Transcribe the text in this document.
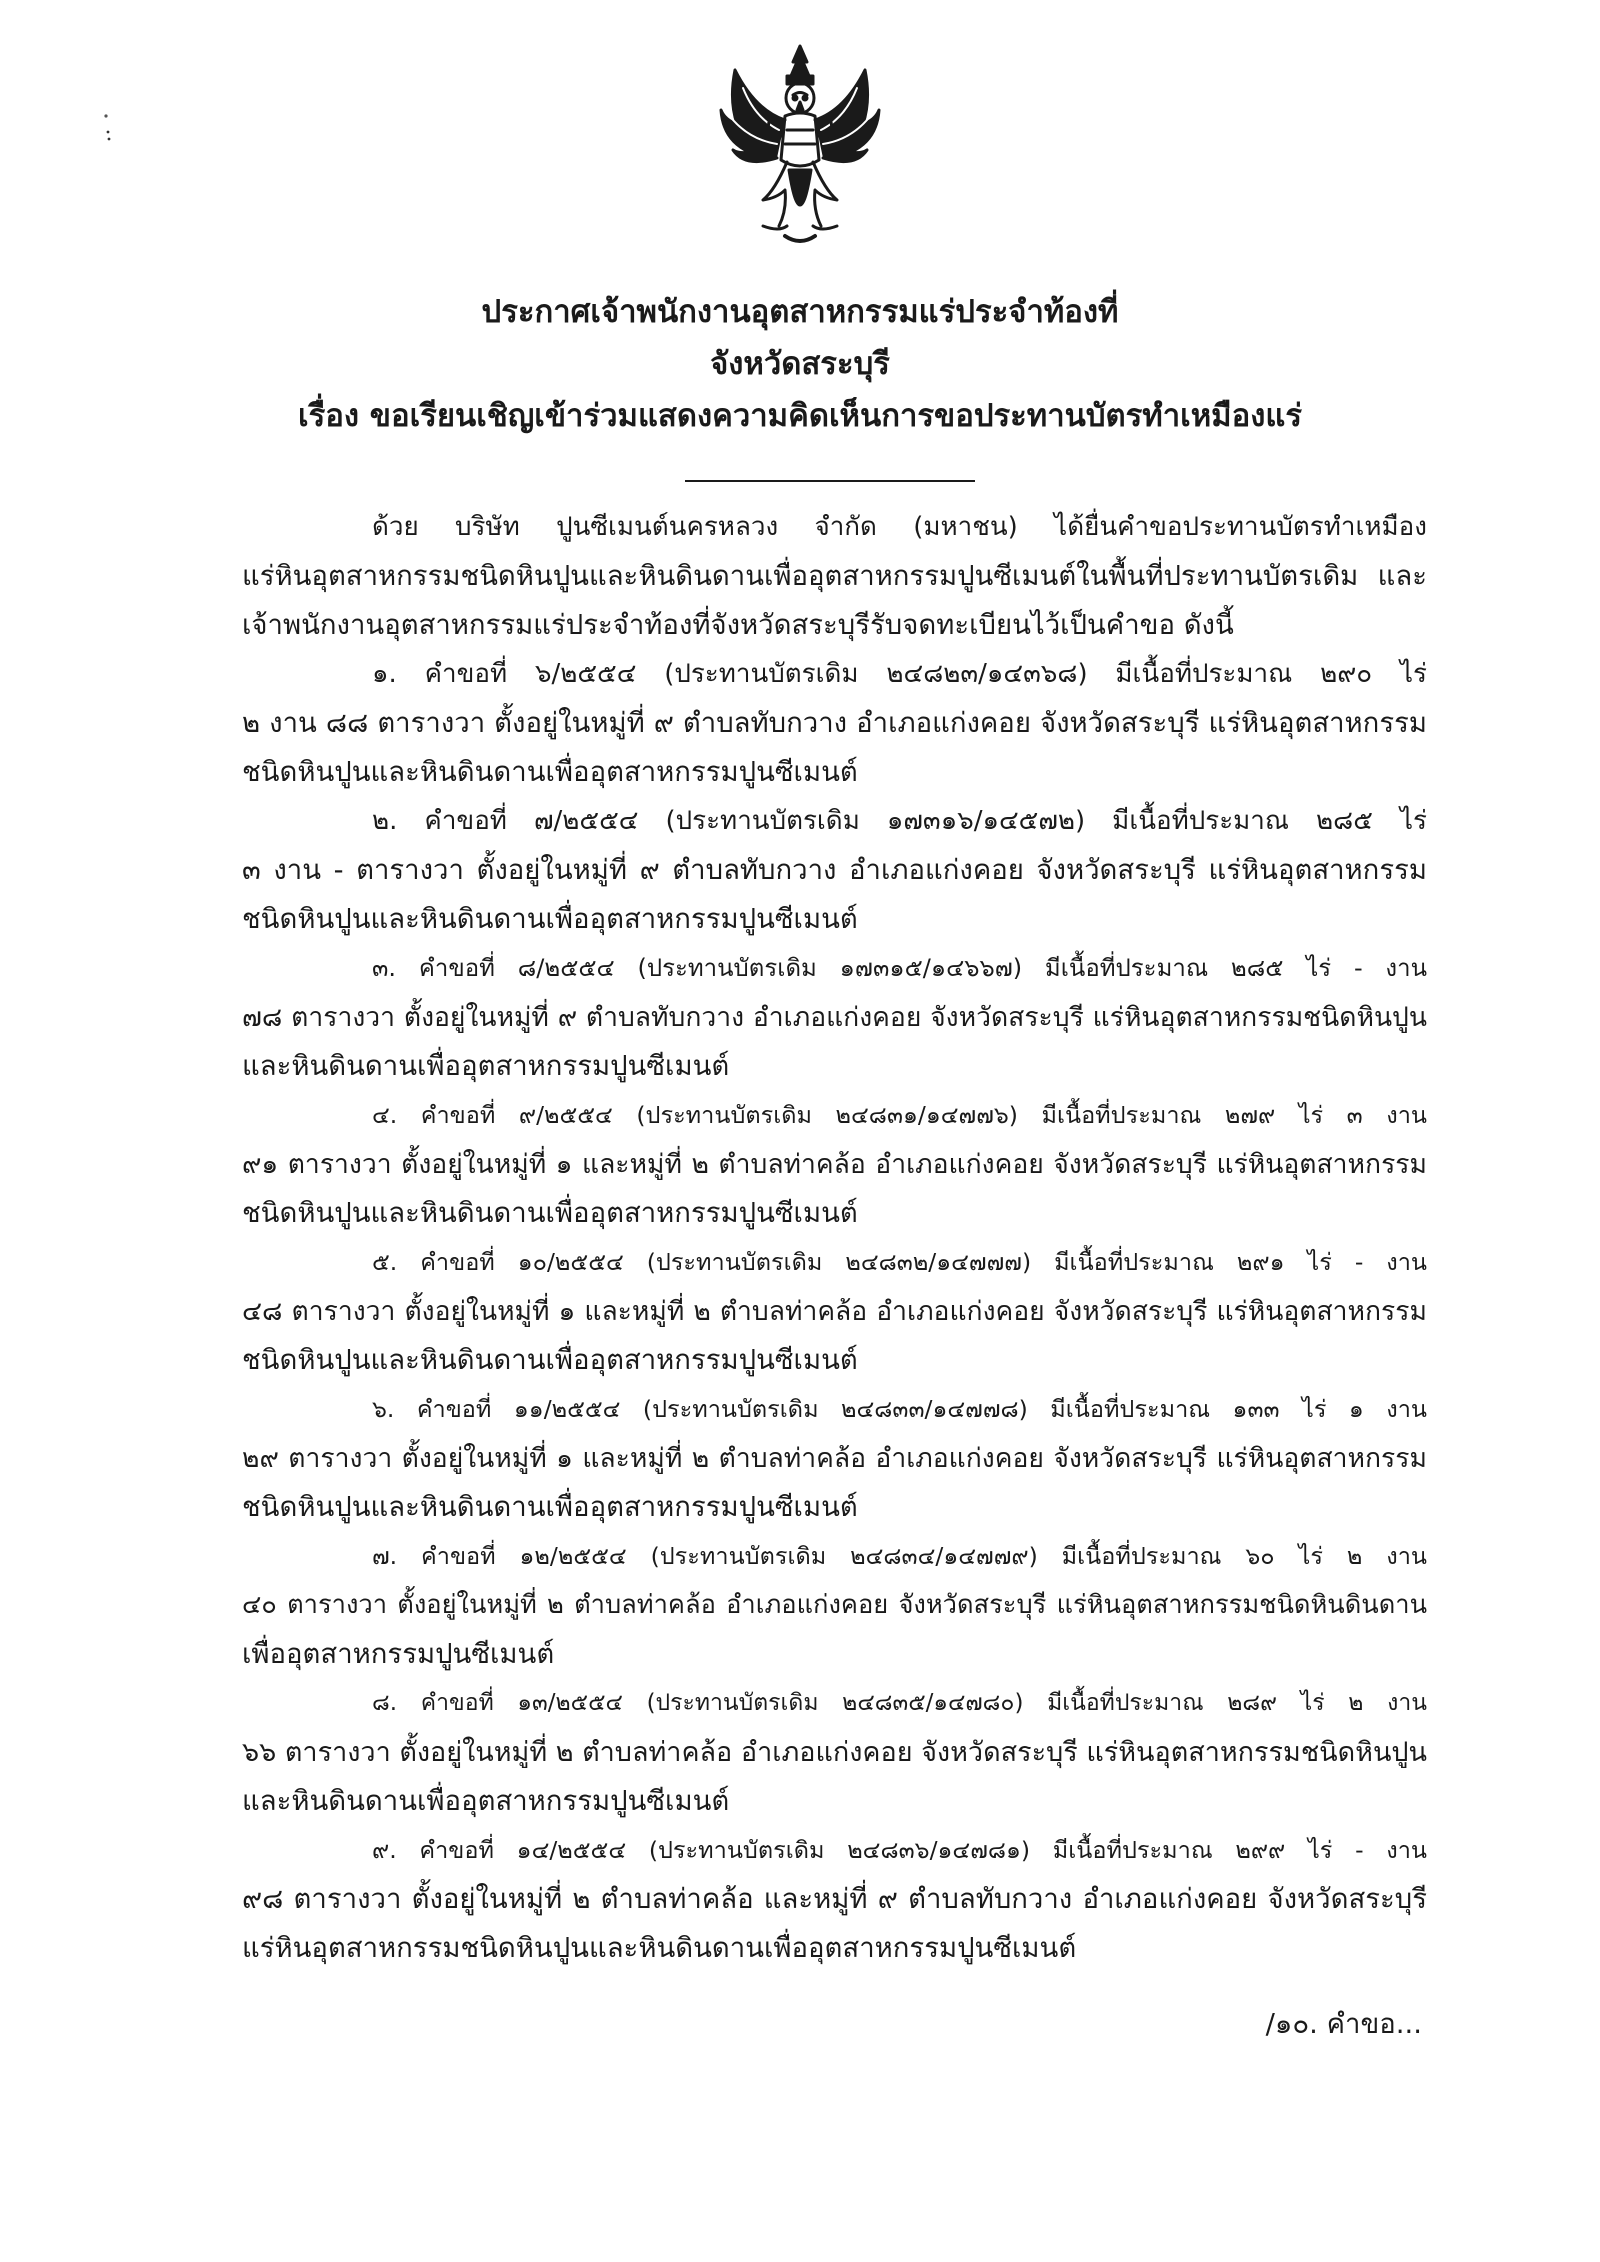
ประกาศเจ้าพนักงานอุตสาหกรรมแร่ประจำท้องที่
จังหวัดสระบุรี
เรื่อง ขอเรียนเชิญเข้าร่วมแสดงความคิดเห็นการขอประทานบัตรทำเหมืองแร่
ด้วย บริษัท ปูนซีเมนต์นครหลวง จำกัด (มหาชน) ได้ยื่นคำขอประทานบัตรทำเหมือง
แร่หินอุตสาหกรรมชนิดหินปูนและหินดินดานเพื่ออุตสาหกรรมปูนซีเมนต์ในพื้นที่ประทานบัตรเดิม และ
เจ้าพนักงานอุตสาหกรรมแร่ประจำท้องที่จังหวัดสระบุรีรับจดทะเบียนไว้เป็นคำขอ ดังนี้
๑. คำขอที่ ๖/๒๕๕๔ (ประทานบัตรเดิม ๒๔๘๒๓/๑๔๓๖๘) มีเนื้อที่ประมาณ ๒๙๐ ไร่
๒ งาน ๘๘ ตารางวา ตั้งอยู่ในหมู่ที่ ๙ ตำบลทับกวาง อำเภอแก่งคอย จังหวัดสระบุรี แร่หินอุตสาหกรรม
ชนิดหินปูนและหินดินดานเพื่ออุตสาหกรรมปูนซีเมนต์
๒. คำขอที่ ๗/๒๕๕๔ (ประทานบัตรเดิม ๑๗๓๑๖/๑๔๕๗๒) มีเนื้อที่ประมาณ ๒๘๕ ไร่
๓ งาน - ตารางวา ตั้งอยู่ในหมู่ที่ ๙ ตำบลทับกวาง อำเภอแก่งคอย จังหวัดสระบุรี แร่หินอุตสาหกรรม
ชนิดหินปูนและหินดินดานเพื่ออุตสาหกรรมปูนซีเมนต์
๓. คำขอที่ ๘/๒๕๕๔ (ประทานบัตรเดิม ๑๗๓๑๕/๑๔๖๖๗) มีเนื้อที่ประมาณ ๒๘๕ ไร่ - งาน
๗๘ ตารางวา ตั้งอยู่ในหมู่ที่ ๙ ตำบลทับกวาง อำเภอแก่งคอย จังหวัดสระบุรี แร่หินอุตสาหกรรมชนิดหินปูน
และหินดินดานเพื่ออุตสาหกรรมปูนซีเมนต์
๔. คำขอที่ ๙/๒๕๕๔ (ประทานบัตรเดิม ๒๔๘๓๑/๑๔๗๗๖) มีเนื้อที่ประมาณ ๒๗๙ ไร่ ๓ งาน
๙๑ ตารางวา ตั้งอยู่ในหมู่ที่ ๑ และหมู่ที่ ๒ ตำบลท่าคล้อ อำเภอแก่งคอย จังหวัดสระบุรี แร่หินอุตสาหกรรม
ชนิดหินปูนและหินดินดานเพื่ออุตสาหกรรมปูนซีเมนต์
๕. คำขอที่ ๑๐/๒๕๕๔ (ประทานบัตรเดิม ๒๔๘๓๒/๑๔๗๗๗) มีเนื้อที่ประมาณ ๒๙๑ ไร่ - งาน
๔๘ ตารางวา ตั้งอยู่ในหมู่ที่ ๑ และหมู่ที่ ๒ ตำบลท่าคล้อ อำเภอแก่งคอย จังหวัดสระบุรี แร่หินอุตสาหกรรม
ชนิดหินปูนและหินดินดานเพื่ออุตสาหกรรมปูนซีเมนต์
๖. คำขอที่ ๑๑/๒๕๕๔ (ประทานบัตรเดิม ๒๔๘๓๓/๑๔๗๗๘) มีเนื้อที่ประมาณ ๑๓๓ ไร่ ๑ งาน
๒๙ ตารางวา ตั้งอยู่ในหมู่ที่ ๑ และหมู่ที่ ๒ ตำบลท่าคล้อ อำเภอแก่งคอย จังหวัดสระบุรี แร่หินอุตสาหกรรม
ชนิดหินปูนและหินดินดานเพื่ออุตสาหกรรมปูนซีเมนต์
๗. คำขอที่ ๑๒/๒๕๕๔ (ประทานบัตรเดิม ๒๔๘๓๔/๑๔๗๗๙) มีเนื้อที่ประมาณ ๖๐ ไร่ ๒ งาน
๔๐ ตารางวา ตั้งอยู่ในหมู่ที่ ๒ ตำบลท่าคล้อ อำเภอแก่งคอย จังหวัดสระบุรี แร่หินอุตสาหกรรมชนิดหินดินดาน
เพื่ออุตสาหกรรมปูนซีเมนต์
๘. คำขอที่ ๑๓/๒๕๕๔ (ประทานบัตรเดิม ๒๔๘๓๕/๑๔๗๘๐) มีเนื้อที่ประมาณ ๒๘๙ ไร่ ๒ งาน
๖๖ ตารางวา ตั้งอยู่ในหมู่ที่ ๒ ตำบลท่าคล้อ อำเภอแก่งคอย จังหวัดสระบุรี แร่หินอุตสาหกรรมชนิดหินปูน
และหินดินดานเพื่ออุตสาหกรรมปูนซีเมนต์
๙. คำขอที่ ๑๔/๒๕๕๔ (ประทานบัตรเดิม ๒๔๘๓๖/๑๔๗๘๑) มีเนื้อที่ประมาณ ๒๙๙ ไร่ - งาน
๙๘ ตารางวา ตั้งอยู่ในหมู่ที่ ๒ ตำบลท่าคล้อ และหมู่ที่ ๙ ตำบลทับกวาง อำเภอแก่งคอย จังหวัดสระบุรี
แร่หินอุตสาหกรรมชนิดหินปูนและหินดินดานเพื่ออุตสาหกรรมปูนซีเมนต์
/๑๐. คำขอ...
